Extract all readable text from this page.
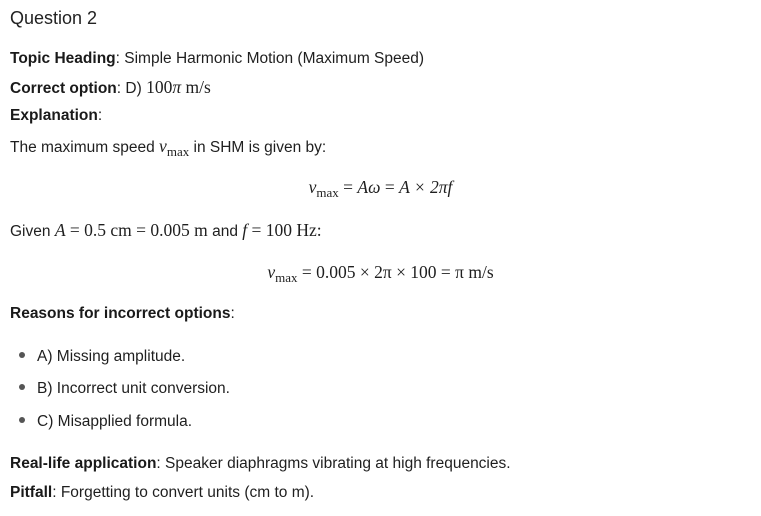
Question 2
Topic Heading: Simple Harmonic Motion (Maximum Speed)
Correct option: D) 100π m/s
Explanation:
The maximum speed $v_{max}$ in SHM is given by:
$v_{max} = A\omega = A \times 2\pi f$
Given A = 0.5 cm = 0.005 m and f = 100 Hz:
$v_{max} = 0.005 \times 2\pi \times 100 = \pi$ m/s
Reasons for incorrect options:
A) Missing amplitude.
B) Incorrect unit conversion.
C) Misapplied formula.
Real-life application: Speaker diaphragms vibrating at high frequencies.
Pitfall: Forgetting to convert units (cm to m).
